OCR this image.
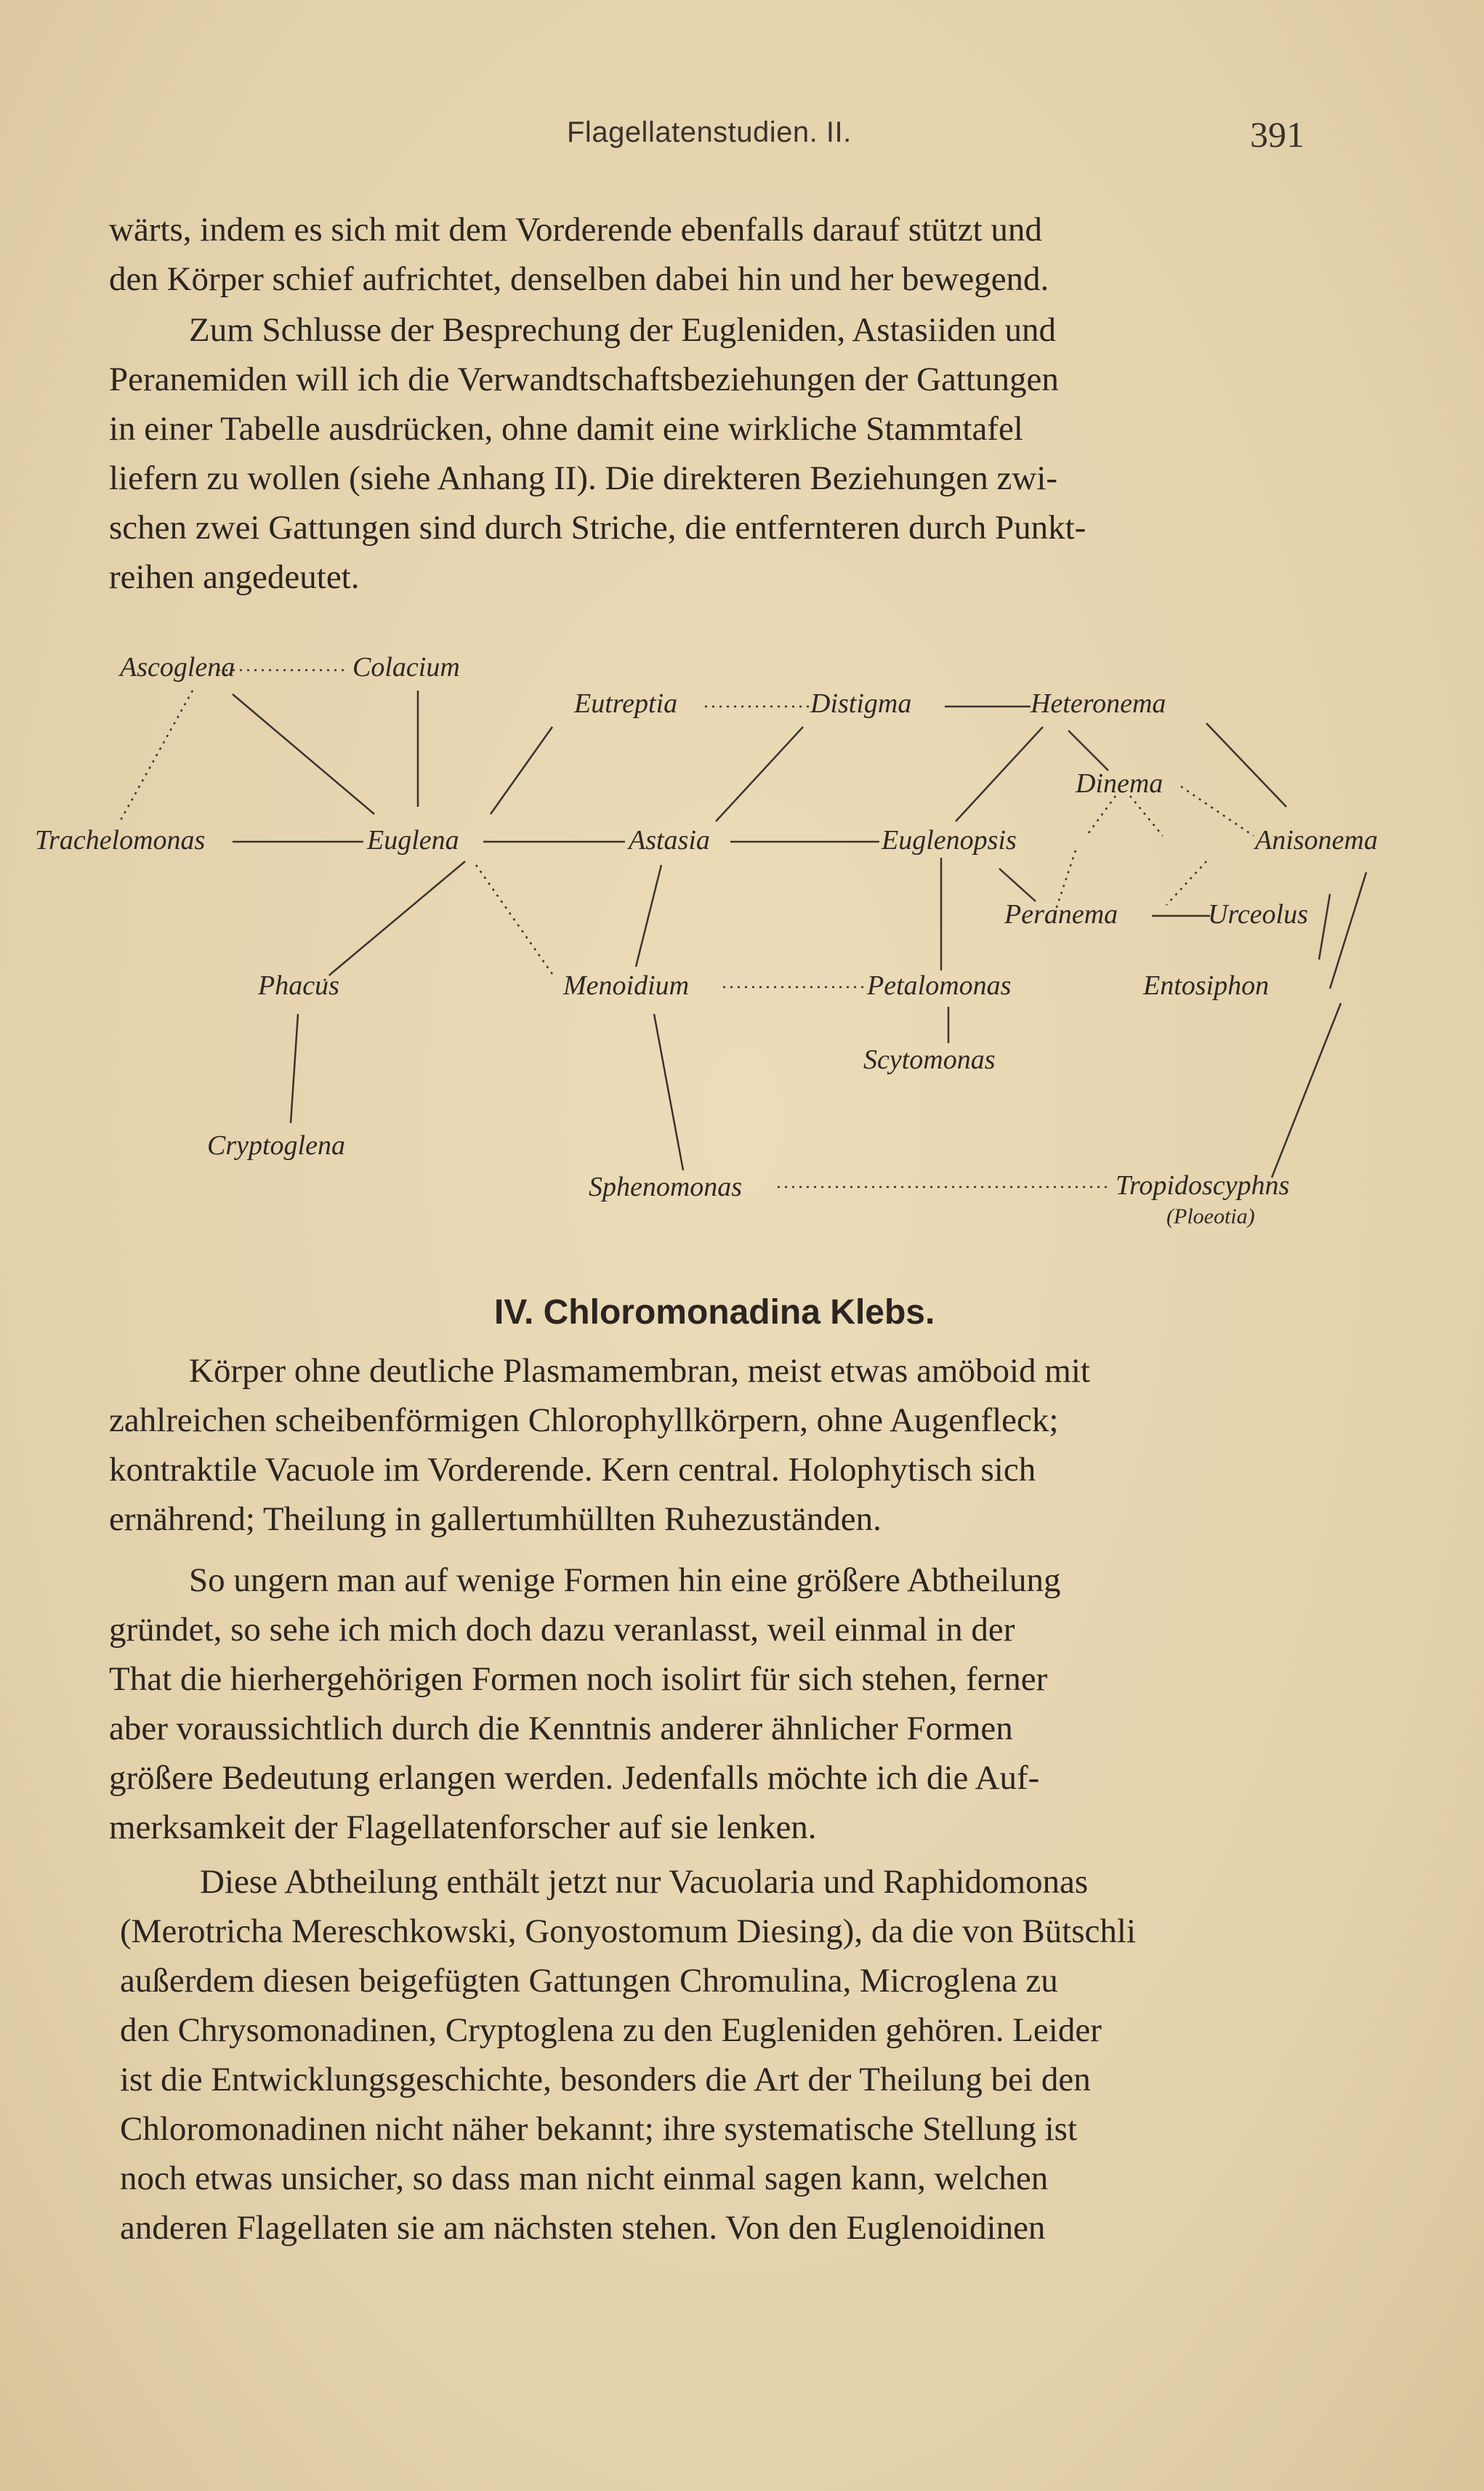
Flagellatenstudien. II.	391
wärts, indem es sich mit dem Vorderende ebenfalls darauf stützt und
den Körper schief aufrichtet, denselben dabei hin und her bewegend.
Zum Schlusse der Besprechung der Eugleniden, Astasiiden und
Peranemiden will ich die Verwandtschaftsbeziehungen der Gattungen
in einer Tabelle ausdrücken, ohne damit eine wirkliche Stammtafel
liefern zu wollen (siehe Anhang II). Die direkteren Beziehungen zwi-
schen zwei Gattungen sind durch Striche, die entfernteren durch Punkt-
reihen angedeutet.
Ascoglena	Colacium
Eutreptia	Distigma	Heteronema
Dinema
Trachelomonas	Euglena	Astasia	Euglenopsis	Anisonema
Peranema	Urceolus
Phacus	Menoidium	Petalomonas	Entosiphon
Scytomonas
Cryptoglena
Sphenomonas	Tropidoscyphns
(Ploeotia)
IV. Chloromonadina Klebs.
Körper ohne deutliche Plasmamembran, meist etwas amöboid mit
zahlreichen scheibenförmigen Chlorophyllkörpern, ohne Augenfleck;
kontraktile Vacuole im Vorderende. Kern central. Holophytisch sich
ernährend; Theilung in gallertumhüllten Ruhezuständen.
So ungern man auf wenige Formen hin eine größere Abtheilung
gründet, so sehe ich mich doch dazu veranlasst, weil einmal in der
That die hierhergehörigen Formen noch isolirt für sich stehen, ferner
aber voraussichtlich durch die Kenntnis anderer ähnlicher Formen
größere Bedeutung erlangen werden. Jedenfalls möchte ich die Auf-
merksamkeit der Flagellatenforscher auf sie lenken.
Diese Abtheilung enthält jetzt nur Vacuolaria und Raphidomonas
(Merotricha Mereschkowski, Gonyostomum Diesing), da die von Bütschli
außerdem diesen beigefügten Gattungen Chromulina, Microglena zu
den Chrysomonadinen, Cryptoglena zu den Eugleniden gehören. Leider
ist die Entwicklungsgeschichte, besonders die Art der Theilung bei den
Chloromonadinen nicht näher bekannt; ihre systematische Stellung ist
noch etwas unsicher, so dass man nicht einmal sagen kann, welchen
anderen Flagellaten sie am nächsten stehen. Von den Euglenoidinen
